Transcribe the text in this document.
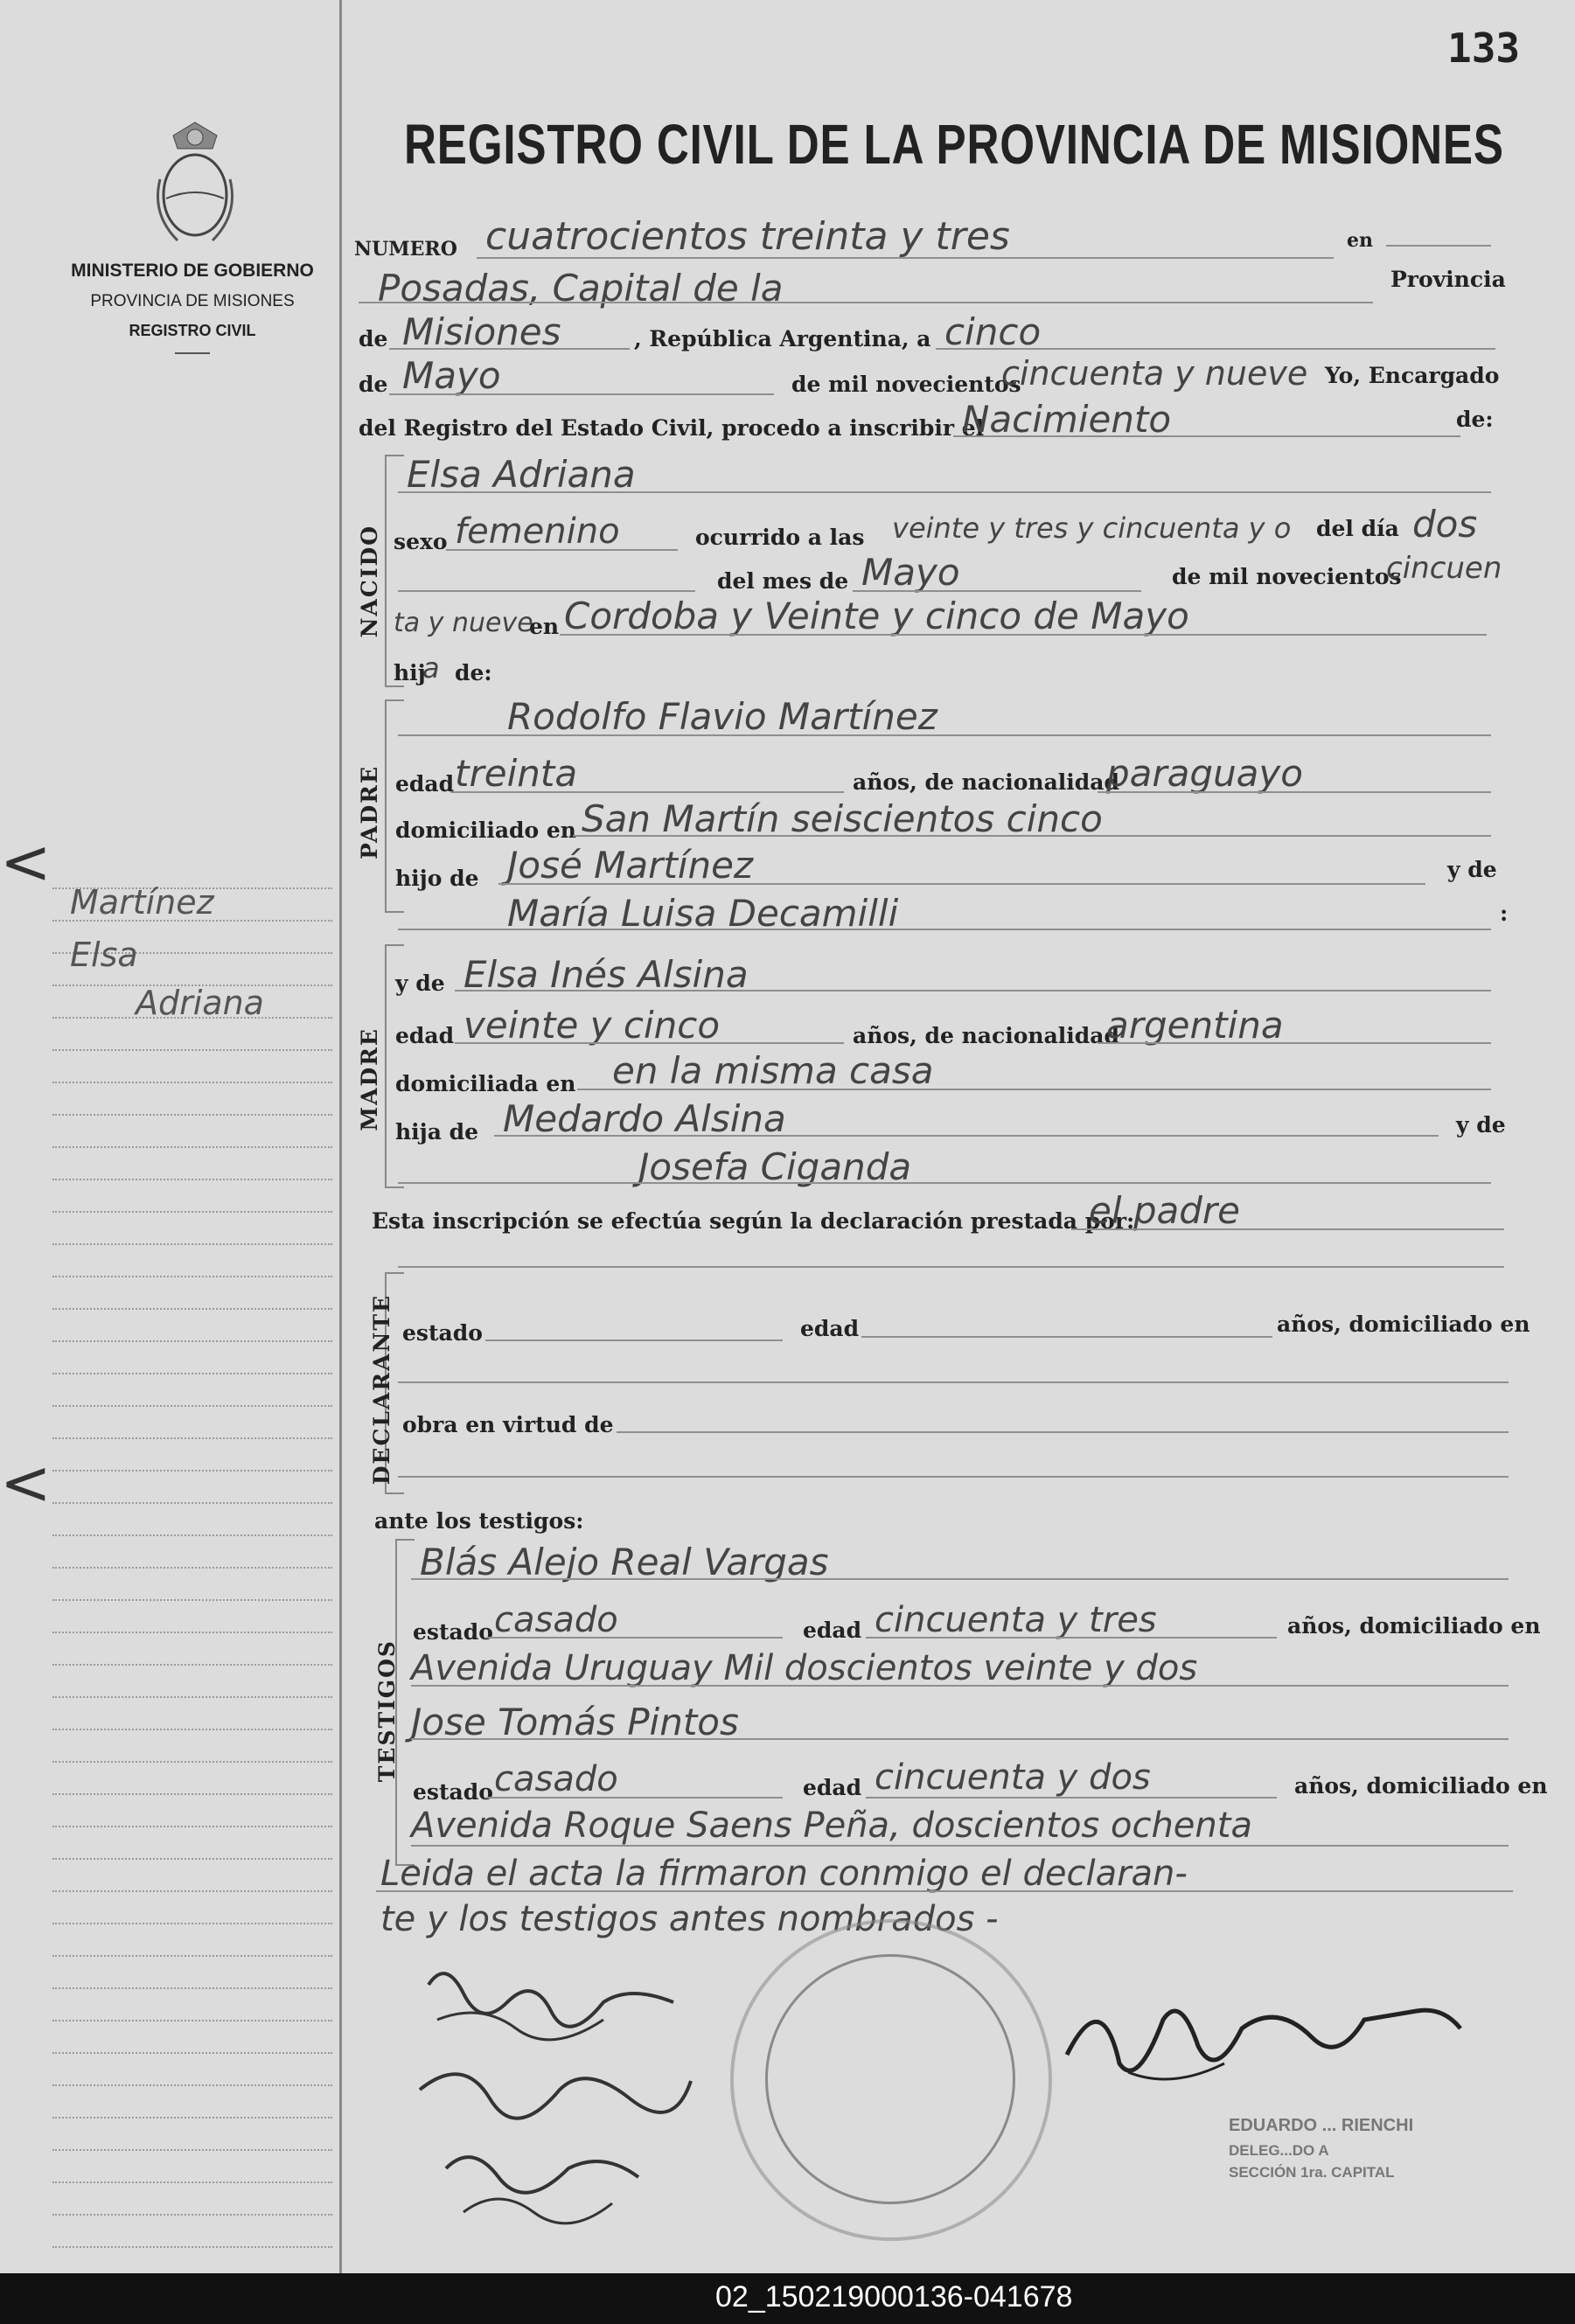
<
<
133
MINISTERIO DE GOBIERNO
PROVINCIA DE MISIONES
REGISTRO CIVIL
REGISTRO CIVIL DE LA PROVINCIA DE MISIONES
NUMERO cuatrocientos treinta y tres	en
Posadas, Capital de la	Provincia
de Misiones	, República Argentina, a cinco
de Mayo	de mil novecientos
cincuenta y nueve Yo, Encargado
del Registro del Estado Civil, procedo a inscribir el
Nacimiento	de:
NACIDO
Elsa Adriana
sexo femenino	ocurrido a las veinte y tres y cincuenta y o del día dos
del mes de Mayo	de mil novecientos
cincuen
ta y nueve
en Cordoba y Veinte y cinco de Mayo
hij
a de:
PADRE
Rodolfo Flavio Martínez
edad treinta	años, de nacionalidad
paraguayo
domiciliado en San Martín seiscientos cinco
hijo de José Martínez	y de
María Luisa Decamilli	:
MADRE
y de Elsa Inés Alsina
edad veinte y cinco	años, de nacionalidad
argentina
domiciliada en en la misma casa
hija de Medardo Alsina	y de
Josefa Ciganda
Esta inscripción se efectúa según la declaración prestada por:
el padre
DECLARANTE estado	edad	años, domiciliado en
obra en virtud de
ante los testigos:
TESTIGOS
Blás Alejo Real Vargas
estado casado	edad cincuenta y tres	años, domiciliado en
Avenida Uruguay Mil doscientos veinte y dos
Jose Tomás Pintos
estado casado	edad cincuenta y dos	años, domiciliado en
Avenida Roque Saens Peña, doscientos ochenta
Leida el acta la firmaron conmigo el declaran-
te y los testigos antes nombrados -
EDUARDO ... RIENCHI
DELEG...DO A
SECCIÓN 1ra. CAPITAL
Martínez
Elsa
Adriana
02_150219000136-041678
